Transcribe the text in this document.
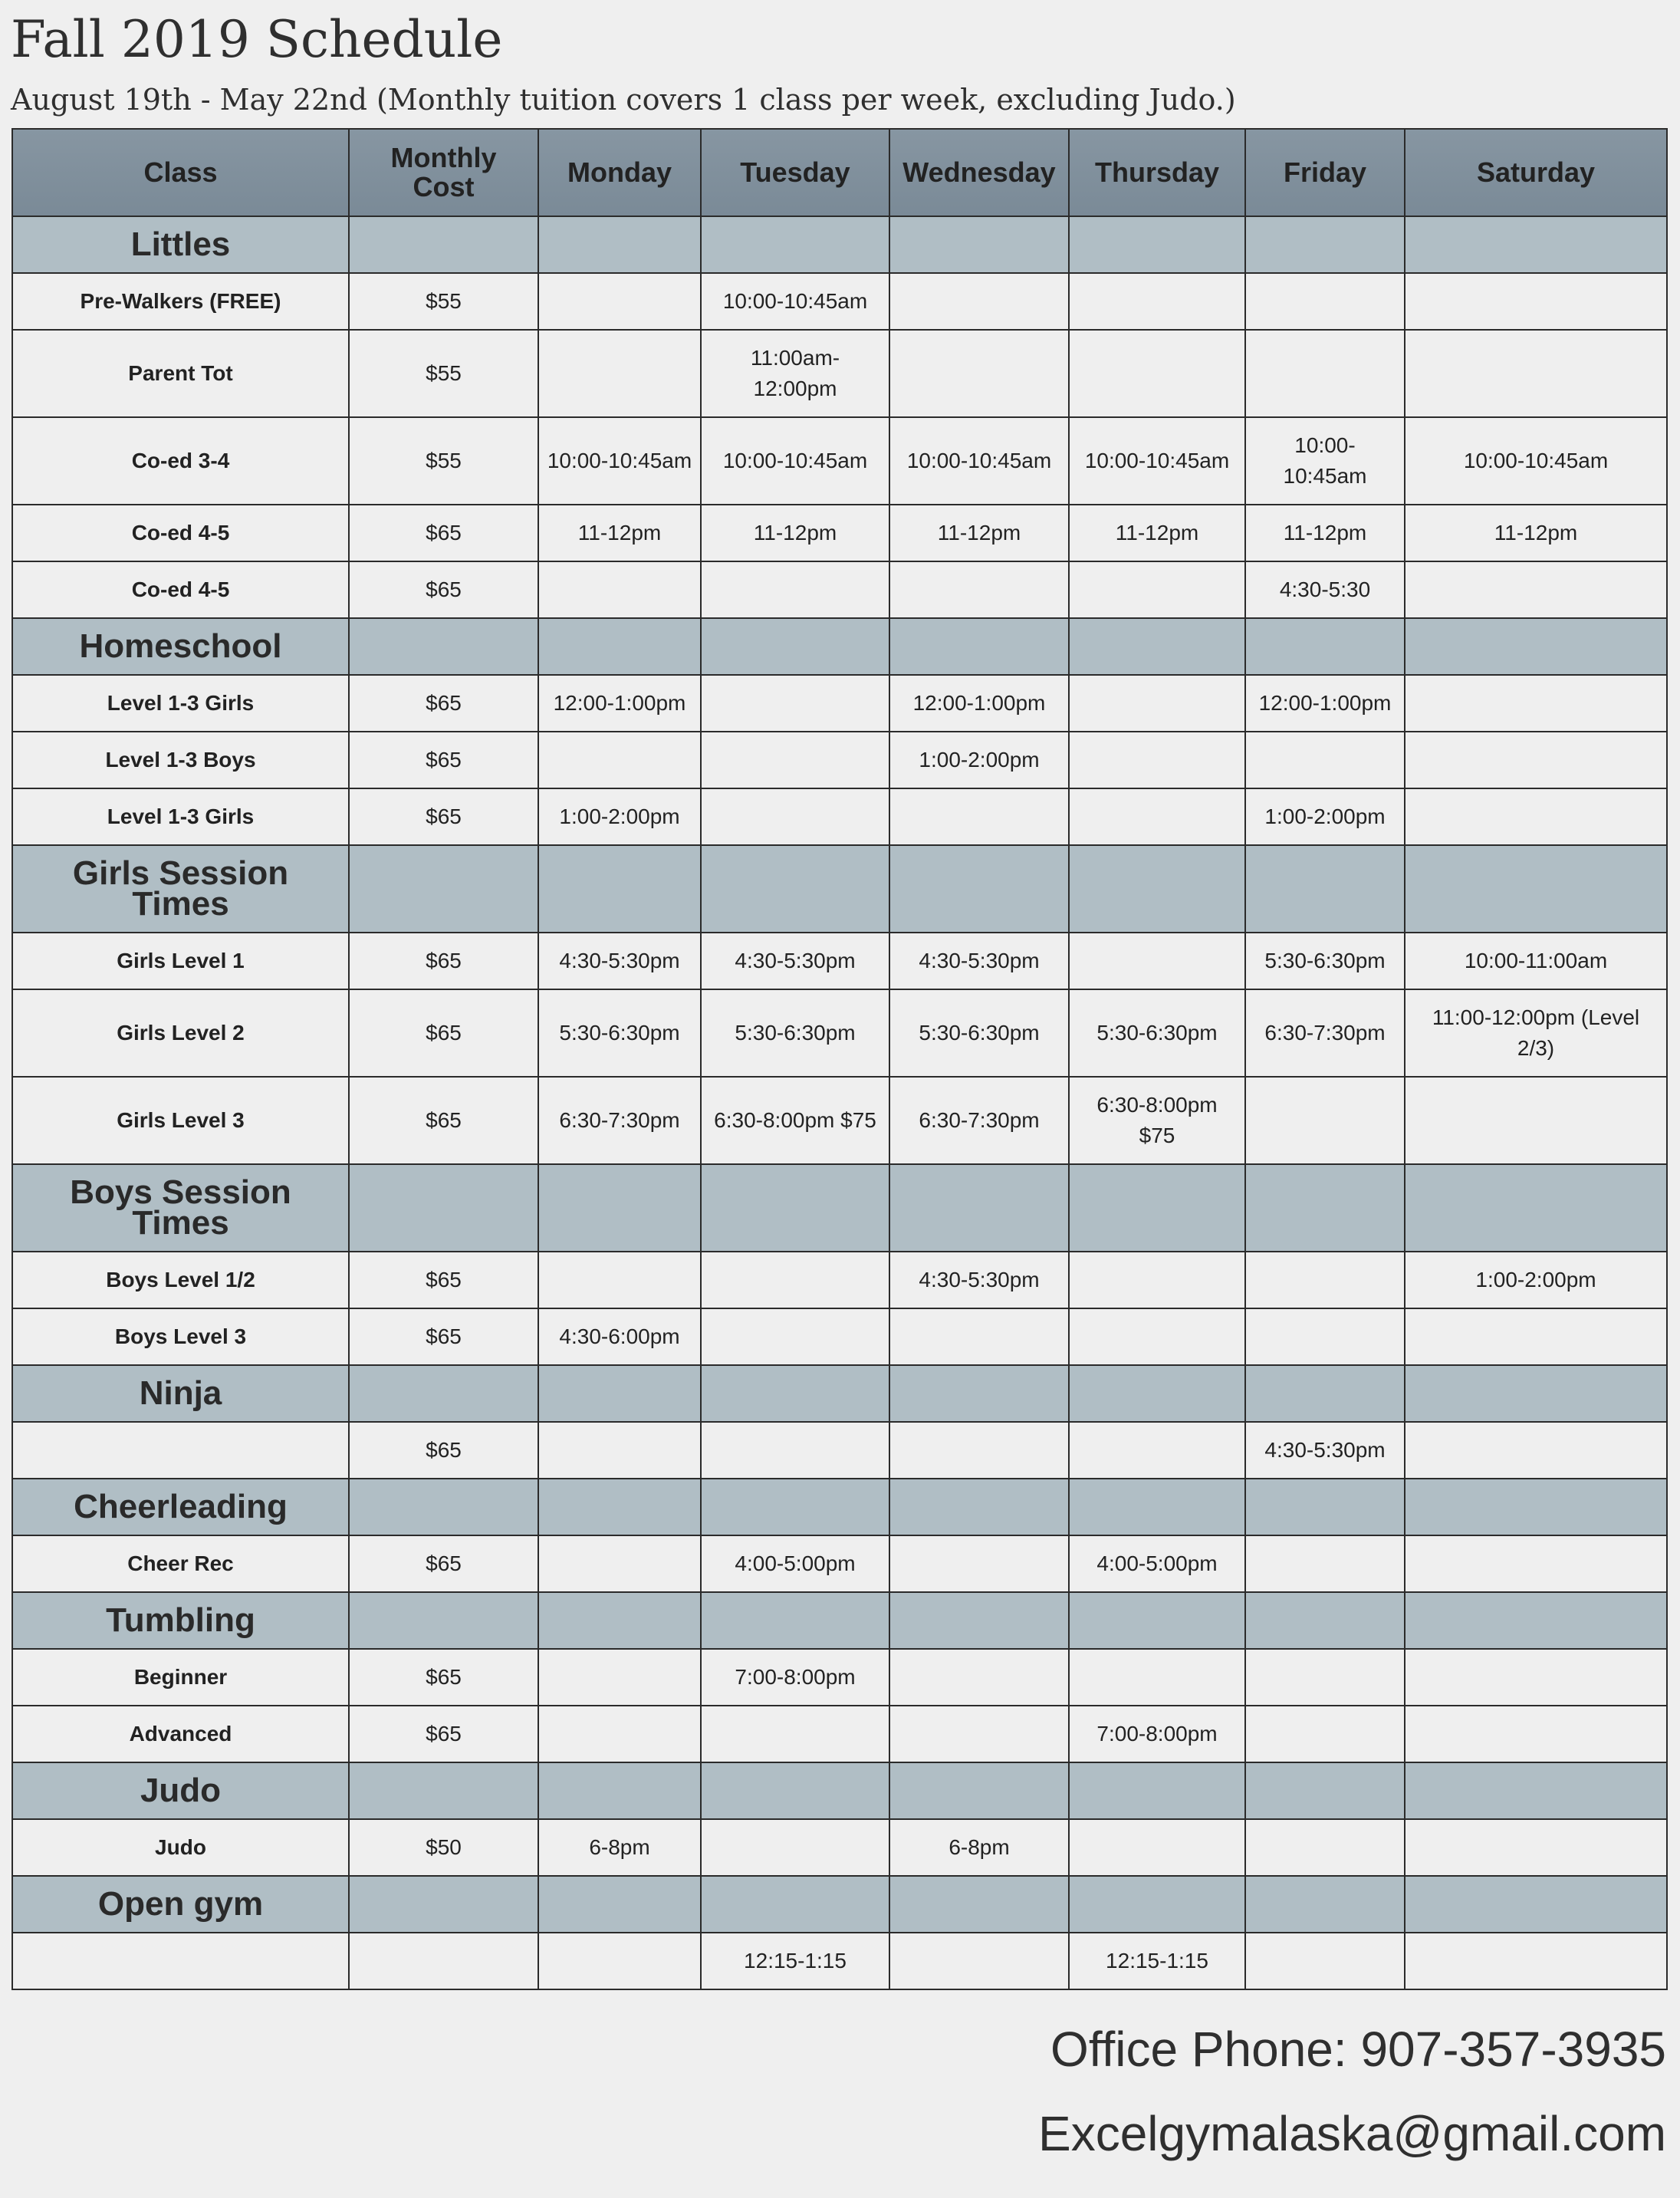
Fall 2019 Schedule

August 19th - May 22nd (Monthly tuition covers 1 class per week, excluding Judo.)

Class	Monthly Cost	Monday	Tuesday	Wednesday	Thursday	Friday	Saturday
Littles							
Pre-Walkers (FREE)	$55		10:00-10:45am				
Parent Tot	$55		11:00am-12:00pm				
Co-ed 3-4	$55	10:00-10:45am	10:00-10:45am	10:00-10:45am	10:00-10:45am	10:00-10:45am	10:00-10:45am
Co-ed 4-5	$65	11-12pm	11-12pm	11-12pm	11-12pm	11-12pm	11-12pm
Co-ed 4-5	$65					4:30-5:30	
Homeschool							
Level 1-3 Girls	$65	12:00-1:00pm		12:00-1:00pm		12:00-1:00pm	
Level 1-3 Boys	$65			1:00-2:00pm			
Level 1-3 Girls	$65	1:00-2:00pm				1:00-2:00pm	
Girls Session Times							
Girls Level 1	$65	4:30-5:30pm	4:30-5:30pm	4:30-5:30pm		5:30-6:30pm	10:00-11:00am
Girls Level 2	$65	5:30-6:30pm	5:30-6:30pm	5:30-6:30pm	5:30-6:30pm	6:30-7:30pm	11:00-12:00pm (Level 2/3)
Girls Level 3	$65	6:30-7:30pm	6:30-8:00pm $75	6:30-7:30pm	6:30-8:00pm $75		
Boys Session Times							
Boys Level 1/2	$65			4:30-5:30pm			1:00-2:00pm
Boys Level 3	$65	4:30-6:00pm					
Ninja							
	$65					4:30-5:30pm	
Cheerleading							
Cheer Rec	$65		4:00-5:00pm		4:00-5:00pm		
Tumbling							
Beginner	$65		7:00-8:00pm				
Advanced	$65				7:00-8:00pm		
Judo							
Judo	$50	6-8pm		6-8pm			
Open gym							
			12:15-1:15		12:15-1:15		
Office Phone: 907-357-3935
Excelgymalaska@gmail.com
